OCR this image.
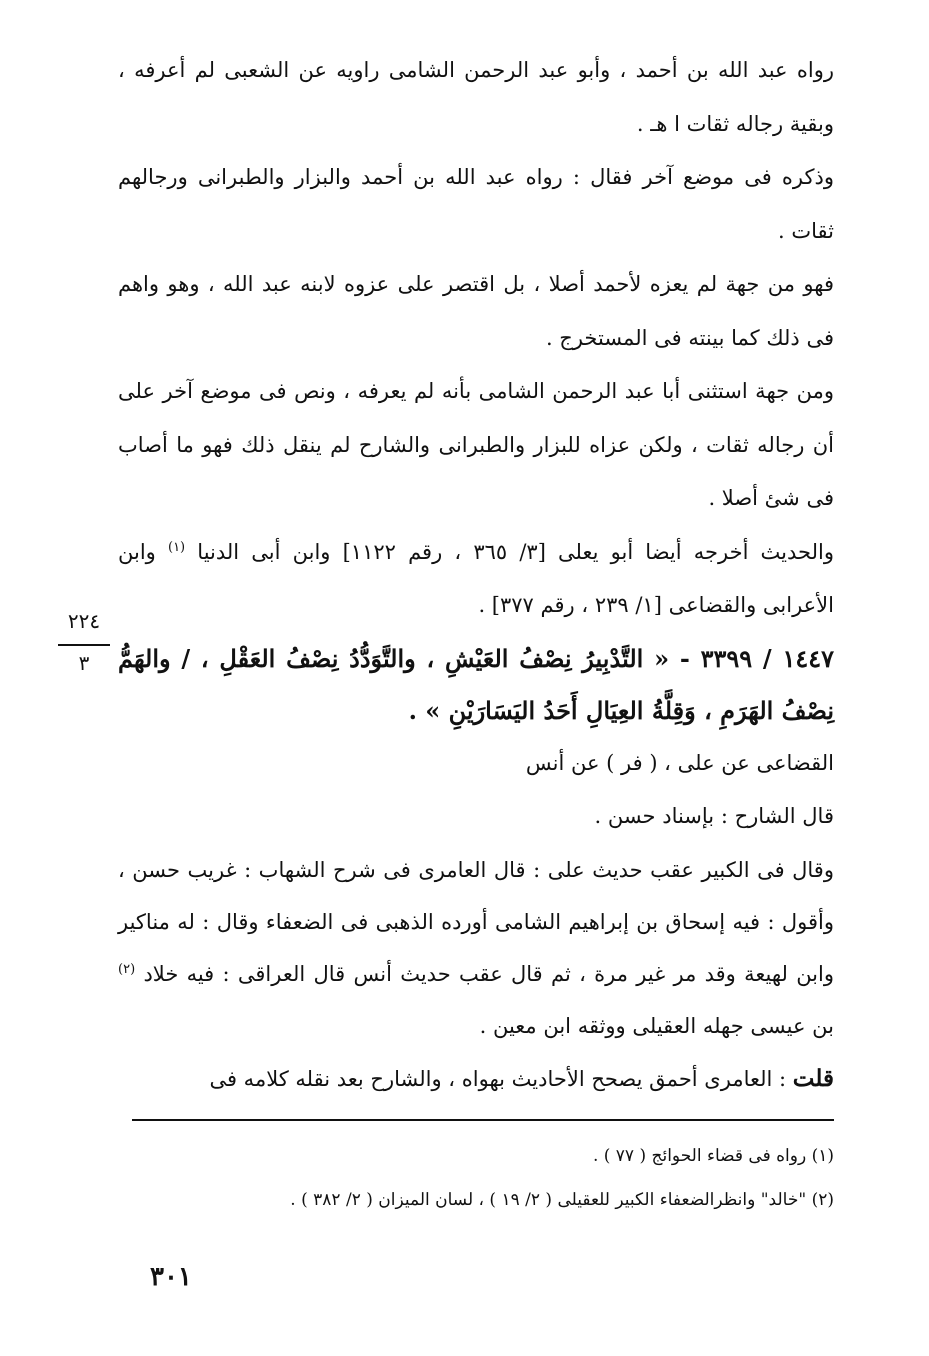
رواه عبد الله بن أحمد ، وأبو عبد الرحمن الشامى راويه عن الشعبى لم أعرفه ، وبقية رجاله ثقات ا هـ .

وذكره فى موضع آخر فقال : رواه عبد الله بن أحمد والبزار والطبرانى ورجالهم ثقات .

فهو من جهة لم يعزه لأحمد أصلا ، بل اقتصر على عزوه لابنه عبد الله ، وهو واهم فى ذلك كما بينته فى المستخرج .

ومن جهة استثنى أبا عبد الرحمن الشامى بأنه لم يعرفه ، ونص فى موضع آخر على أن رجاله ثقات ، ولكن عزاه للبزار والطبرانى والشارح لم ينقل ذلك فهو ما أصاب فى شئ أصلا .

والحديث أخرجه أيضا أبو يعلى [٣/ ٣٦٥ ، رقم ١١٢٢] وابن أبى الدنيا $^{(١)}$ وابن الأعرابى والقضاعى [١/ ٢٣٩ ، رقم ٣٧٧] .

١٤٤٧ / ٣٣٩٩ - « التَّدْبِيرُ نِصْفُ العَيْشِ ، والتَّوَدُّدُ نِصْفُ العَقْلِ ، / والهَمُّ نِصْفُ الهَرَمِ ، وَقِلَّةُ العِيَالِ أَحَدُ اليَسَارَيْنِ » .

القضاعى عن على ، ( فر ) عن أنس

قال الشارح : بإسناد حسن .

وقال فى الكبير عقب حديث على : قال العامرى فى شرح الشهاب : غريب حسن ، وأقول : فيه إسحاق بن إبراهيم الشامى أورده الذهبى فى الضعفاء وقال : له مناكير وابن لهيعة وقد مر غير مرة ، ثم قال عقب حديث أنس قال العراقى : فيه خلاد $^{(٢)}$ بن عيسى جهله العقيلى ووثقه ابن معين .

قلت : العامرى أحمق يصحح الأحاديث بهواه ، والشارح بعد نقله كلامه فى

٢٢٤
٣

(١) رواه فى قضاء الحوائج ( ٧٧ ) .

(٢) "خالد" وانظرالضعفاء الكبير للعقيلى ( ٢/ ١٩ ) ، لسان الميزان ( ٢/ ٣٨٢ ) .

٣٠١
